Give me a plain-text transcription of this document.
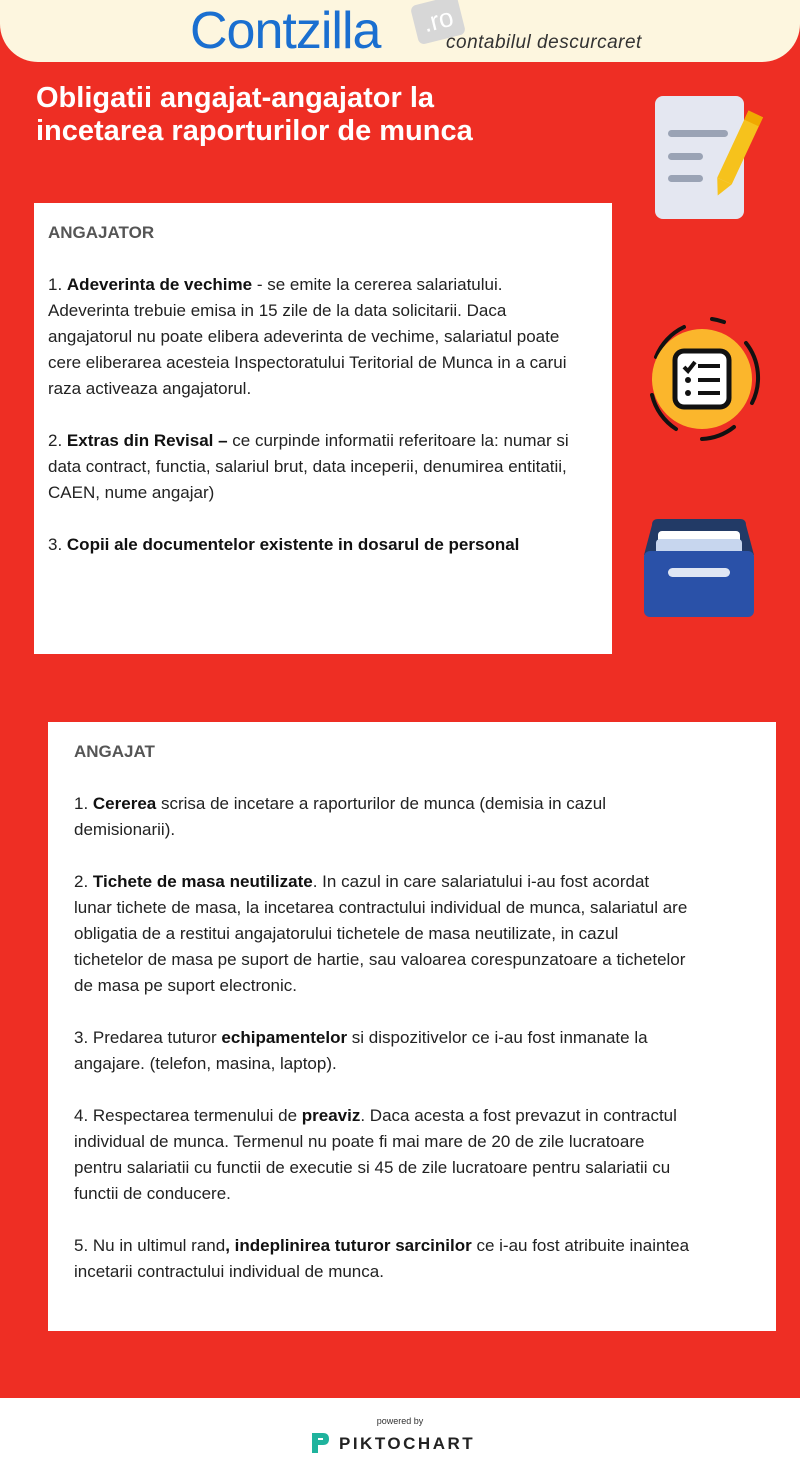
Contzilla	.ro
contabilul descurcaret
Obligatii angajat-angajator la incetarea raporturilor de munca
ANGAJATOR
1. Adeverinta de vechime - se emite la cererea salariatului. Adeverinta trebuie emisa in 15 zile de la data solicitarii. Daca angajatorul nu poate elibera adeverinta de vechime, salariatul poate cere eliberarea acesteia Inspectoratului Teritorial de Munca in a carui raza activeaza angajatorul.
2. Extras din Revisal – ce curpinde informatii referitoare la: numar si data contract, functia, salariul brut, data inceperii, denumirea entitatii, CAEN, nume angajar)
3. Copii ale documentelor existente in dosarul de personal
ANGAJAT
1. Cererea scrisa de incetare a raporturilor de munca (demisia in cazul demisionarii).
2. Tichete de masa neutilizate. In cazul in care salariatului i-au fost acordat lunar tichete de masa, la incetarea contractului individual de munca, salariatul are obligatia de a restitui angajatorului tichetele de masa neutilizate, in cazul tichetelor de masa pe suport de hartie, sau valoarea corespunzatoare a tichetelor de masa pe suport electronic.
3. Predarea tuturor echipamentelor si dispozitivelor ce i-au fost inmanate la angajare. (telefon, masina, laptop).
4. Respectarea termenului de preaviz. Daca acesta a fost prevazut in contractul individual de munca. Termenul nu poate fi mai mare de 20 de zile lucratoare pentru salariatii cu functii de executie si 45 de zile lucratoare pentru salariatii cu functii de conducere.
5. Nu in ultimul rand, indeplinirea tuturor sarcinilor ce i-au fost atribuite inaintea incetarii contractului individual de munca.
powered by
PIKTOCHART
